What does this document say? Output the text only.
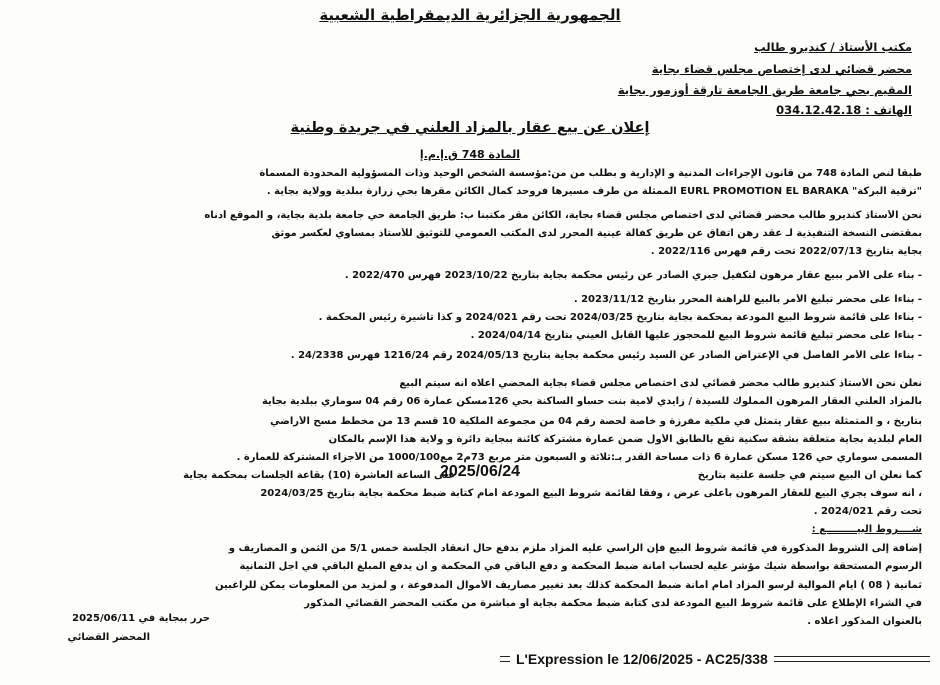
الجمهورية الجزائرية الديمقراطية الشعبية
مكتب الأستاذ / كنديرو طالب
محضر قضائي لدى إختصاص مجلس قضاء بجاية
المقيم بحي جامعة طريق الجامعة تارقة أوزمور بجاية
الهاتف : 034.12.42.18
إعلان عن بيع عقار بالمزاد العلني في جريدة وطنية
المادة 748 ق.إ.م.إ
طبقا لنص المادة 748 من قانون الإجراءات المدنية و الإدارية و بطلب من من:مؤسسة الشخص الوحيد وذات المسؤولية المحدودة المسماة
"ترقية البركة" EURL PROMOTION EL BARAKA الممثلة من طرف مسيرها فروحد كمال الكائن مقرها بحي زرارة ببلدية وولاية بجاية .
نحن الأستاذ كنديرو طالب محضر قضائي لدى اختصاص مجلس قضاء بجاية، الكائن مقر مكتبنا ب: طريق الجامعة حي جامعة بلدية بجاية، و الموقع أدناه
بمقتضى النسخة التنفيذية لـ عقد رهن اتفاق عن طريق كفالة عينية المحرر لدى المكتب العمومي للتوثيق للأستاذ بمساوي لعكسر موثق
بجاية بتاريخ 2022/07/13 تحت رقم فهرس 2022/116 .
- بناء على الأمر ببيع عقار مرهون لتكفيل جبري الصادر عن رئيس محكمة بجاية بتاريخ 2023/10/22 فهرس 2022/470 .
- بناءا على محضر تبليغ الأمر بالبيع للراهنة المحرر بتاريخ 2023/11/12 .
- بناءا على قائمة شروط البيع المودعة بمحكمة بجاية بتاريخ 2024/03/25 تحت رقم 2024/021 و كذا تأشيرة رئيس المحكمة .
- بناءا على محضر تبليغ قائمة شروط البيع للمحجوز عليها القابل العيني بتاريخ 2024/04/14 .
- بناءا على الأمر الفاصل في الإعتراض الصادر عن السيد رئيس محكمة بجاية بتاريخ 2024/05/13 رقم 1216/24 فهرس 24/2338 .
نعلن نحن الأستاذ كنديرو طالب محضر قضائي لدى اختصاص مجلس قضاء بجاية المحضي أعلاه أنه سيتم البيع
بالمزاد العلني العقار المرهون المملوك للسيدة / زايدي لامية بنت حساو الساكنة بحي 126مسكن عمارة 06 رقم 04 سوماري ببلدية بجاية
بتاريخ ، و المتمثلة ببيع عقار يتمثل في ملكية مفرزة و خاصة لحصة رقم 04 من مجموعة الملكية 10 قسم 13 من مخطط مسح الأراضي
العام لبلدية بجاية متعلقة بشقة سكنية تقع بالطابق الأول ضمن عمارة مشتركة كائنة ببجاية دائرة و ولاية هذا الإسم بالمكان
المسمى سوماري حي 126 مسكن عمارة 6 ذات مساحة القدر بـ:ثلاثة و السبعون متر مربع 73م2 مع1000/100 من الأجزاء المشتركة للعمارة .
كما نعلن أن البيع سيتم في جلسة علنية بتاريخ
على الساعة العاشرة (10) بقاعة الجلسات بمحكمة بجاية
، أنه سوف يجري البيع للعقار المرهون بأعلى عرض ، وفقا لقائمة شروط البيع المودعة أمام كتابة ضبط محكمة بجاية بتاريخ 2024/03/25
تحت رقم 2024/021 .
شــــروط البيـــــــــع :
إضافة إلى الشروط المذكورة في قائمة شروط البيع فإن الراسي عليه المزاد ملزم بدفع حال انعقاد الجلسة خمس 5/1 من الثمن و المصاريف و
الرسوم المستحقة بواسطة شيك مؤشر عليه لحساب أمانة ضبط المحكمة و دفع الباقي في المحكمة و أن يدفع المبلغ الباقي في أجل الثمانية
ثمانية ( 08 ) أيام الموالية لرسو المزاد أمام أمانة ضبط المحكمة كذلك بعد تغيير مصاريف الأموال المدفوعة ، و لمزيد من المعلومات يمكن للراغبين
في الشراء الإطلاع على قائمة شروط البيع المودعة لدى كتابة ضبط محكمة بجاية أو مباشرة من مكتب المحضر القضائي المذكور
بالعنوان المذكور أعلاه .
2025/06/24
حرر ببجاية في 2025/06/11
المحضر القضائي
L'Expression le 12/06/2025 - AC25/338
